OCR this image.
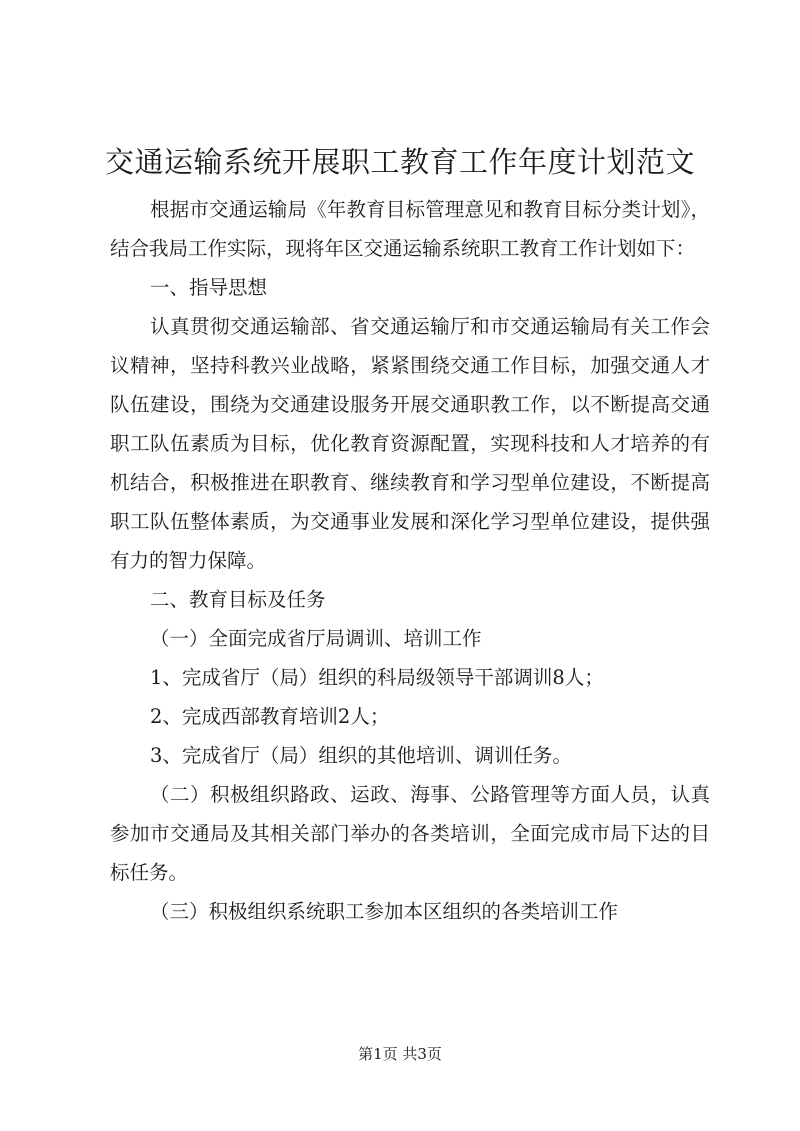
交通运输系统开展职工教育工作年度计划范文

根据市交通运输局《年教育目标管理意见和教育目标分类计划》，结合我局工作实际，现将年区交通运输系统职工教育工作计划如下：

一、指导思想

认真贯彻交通运输部、省交通运输厅和市交通运输局有关工作会议精神，坚持科教兴业战略，紧紧围绕交通工作目标，加强交通人才队伍建设，围绕为交通建设服务开展交通职教工作，以不断提高交通职工队伍素质为目标，优化教育资源配置，实现科技和人才培养的有机结合，积极推进在职教育、继续教育和学习型单位建设，不断提高职工队伍整体素质，为交通事业发展和深化学习型单位建设，提供强有力的智力保障。

二、教育目标及任务

（一）全面完成省厅局调训、培训工作

1、完成省厅（局）组织的科局级领导干部调训8人；

2、完成西部教育培训2人；

3、完成省厅（局）组织的其他培训、调训任务。

（二）积极组织路政、运政、海事、公路管理等方面人员，认真参加市交通局及其相关部门举办的各类培训，全面完成市局下达的目标任务。

（三）积极组织系统职工参加本区组织的各类培训工作

第1页 共3页
